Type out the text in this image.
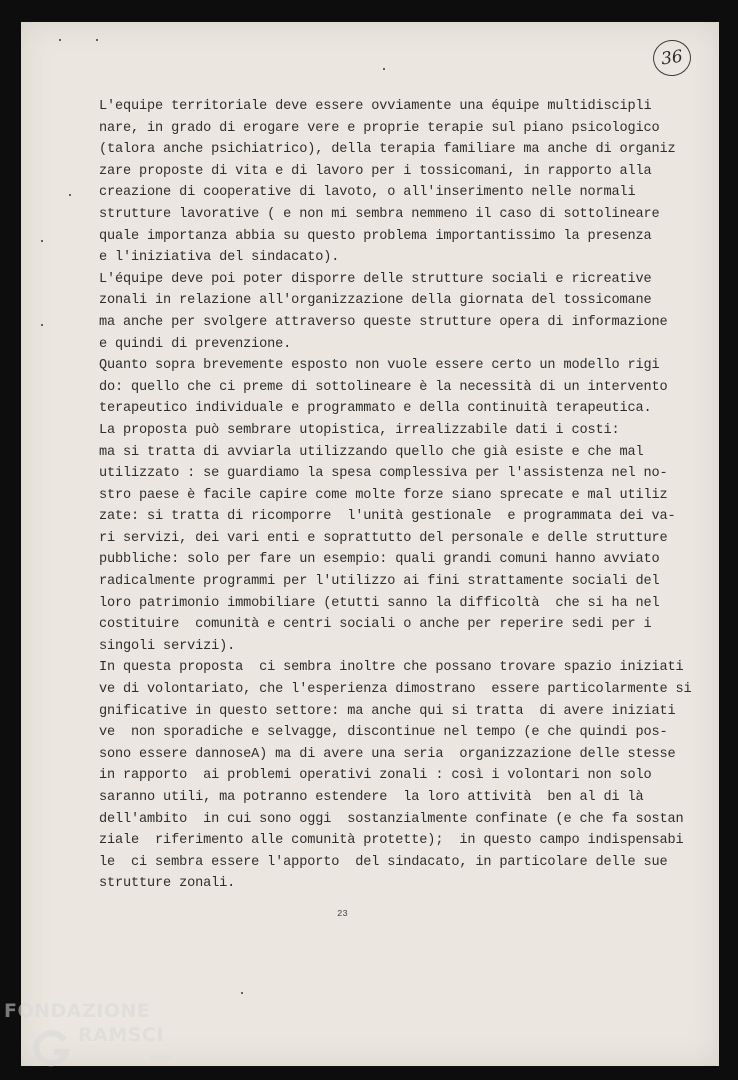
36
L'equipe territoriale deve essere ovviamente una équipe multidiscipli
nare, in grado di erogare vere e proprie terapie sul piano psicologico
(talora anche psichiatrico), della terapia familiare ma anche di organiz
zare proposte di vita e di lavoro per i tossicomani, in rapporto alla
creazione di cooperative di lavoto, o all'inserimento nelle normali
strutture lavorative ( e non mi sembra nemmeno il caso di sottolineare
quale importanza abbia su questo problema importantissimo la presenza
e l'iniziativa del sindacato).
L'équipe deve poi poter disporre delle strutture sociali e ricreative
zonali in relazione all'organizzazione della giornata del tossicomane
ma anche per svolgere attraverso queste strutture opera di informazione
e quindi di prevenzione.
Quanto sopra brevemente esposto non vuole essere certo un modello rigi
do: quello che ci preme di sottolineare è la necessità di un intervento
terapeutico individuale e programmato e della continuità terapeutica.
La proposta può sembrare utopistica, irrealizzabile dati i costi:
ma si tratta di avviarla utilizzando quello che già esiste e che mal
utilizzato : se guardiamo la spesa complessiva per l'assistenza nel no-
stro paese è facile capire come molte forze siano sprecate e mal utiliz
zate: si tratta di ricomporre  l'unità gestionale  e programmata dei va-
ri servizi, dei vari enti e soprattutto del personale e delle strutture
pubbliche: solo per fare un esempio: quali grandi comuni hanno avviato
radicalmente programmi per l'utilizzo ai fini strattamente sociali del
loro patrimonio immobiliare (etutti sanno la difficoltà  che si ha nel
costituire  comunità e centri sociali o anche per reperire sedi per i
singoli servizi).
In questa proposta  ci sembra inoltre che possano trovare spazio iniziati
ve di volontariato, che l'esperienza dimostrano  essere particolarmente si
gnificative in questo settore: ma anche qui si tratta  di avere iniziati
ve  non sporadiche e selvagge, discontinue nel tempo (e che quindi pos-
sono essere dannoseA) ma di avere una seria  organizzazione delle stesse
in rapporto  ai problemi operativi zonali : così i volontari non solo
saranno utili, ma potranno estendere  la loro attività  ben al di là
dell'ambito  in cui sono oggi  sostanzialmente confinate (e che fa sostan
ziale  riferimento alle comunità protette);  in questo campo indispensabi
le  ci sembra essere l'apporto  del sindacato, in particolare delle sue
strutture zonali.
23
FONDAZIONE
RAMSCI
onlus
